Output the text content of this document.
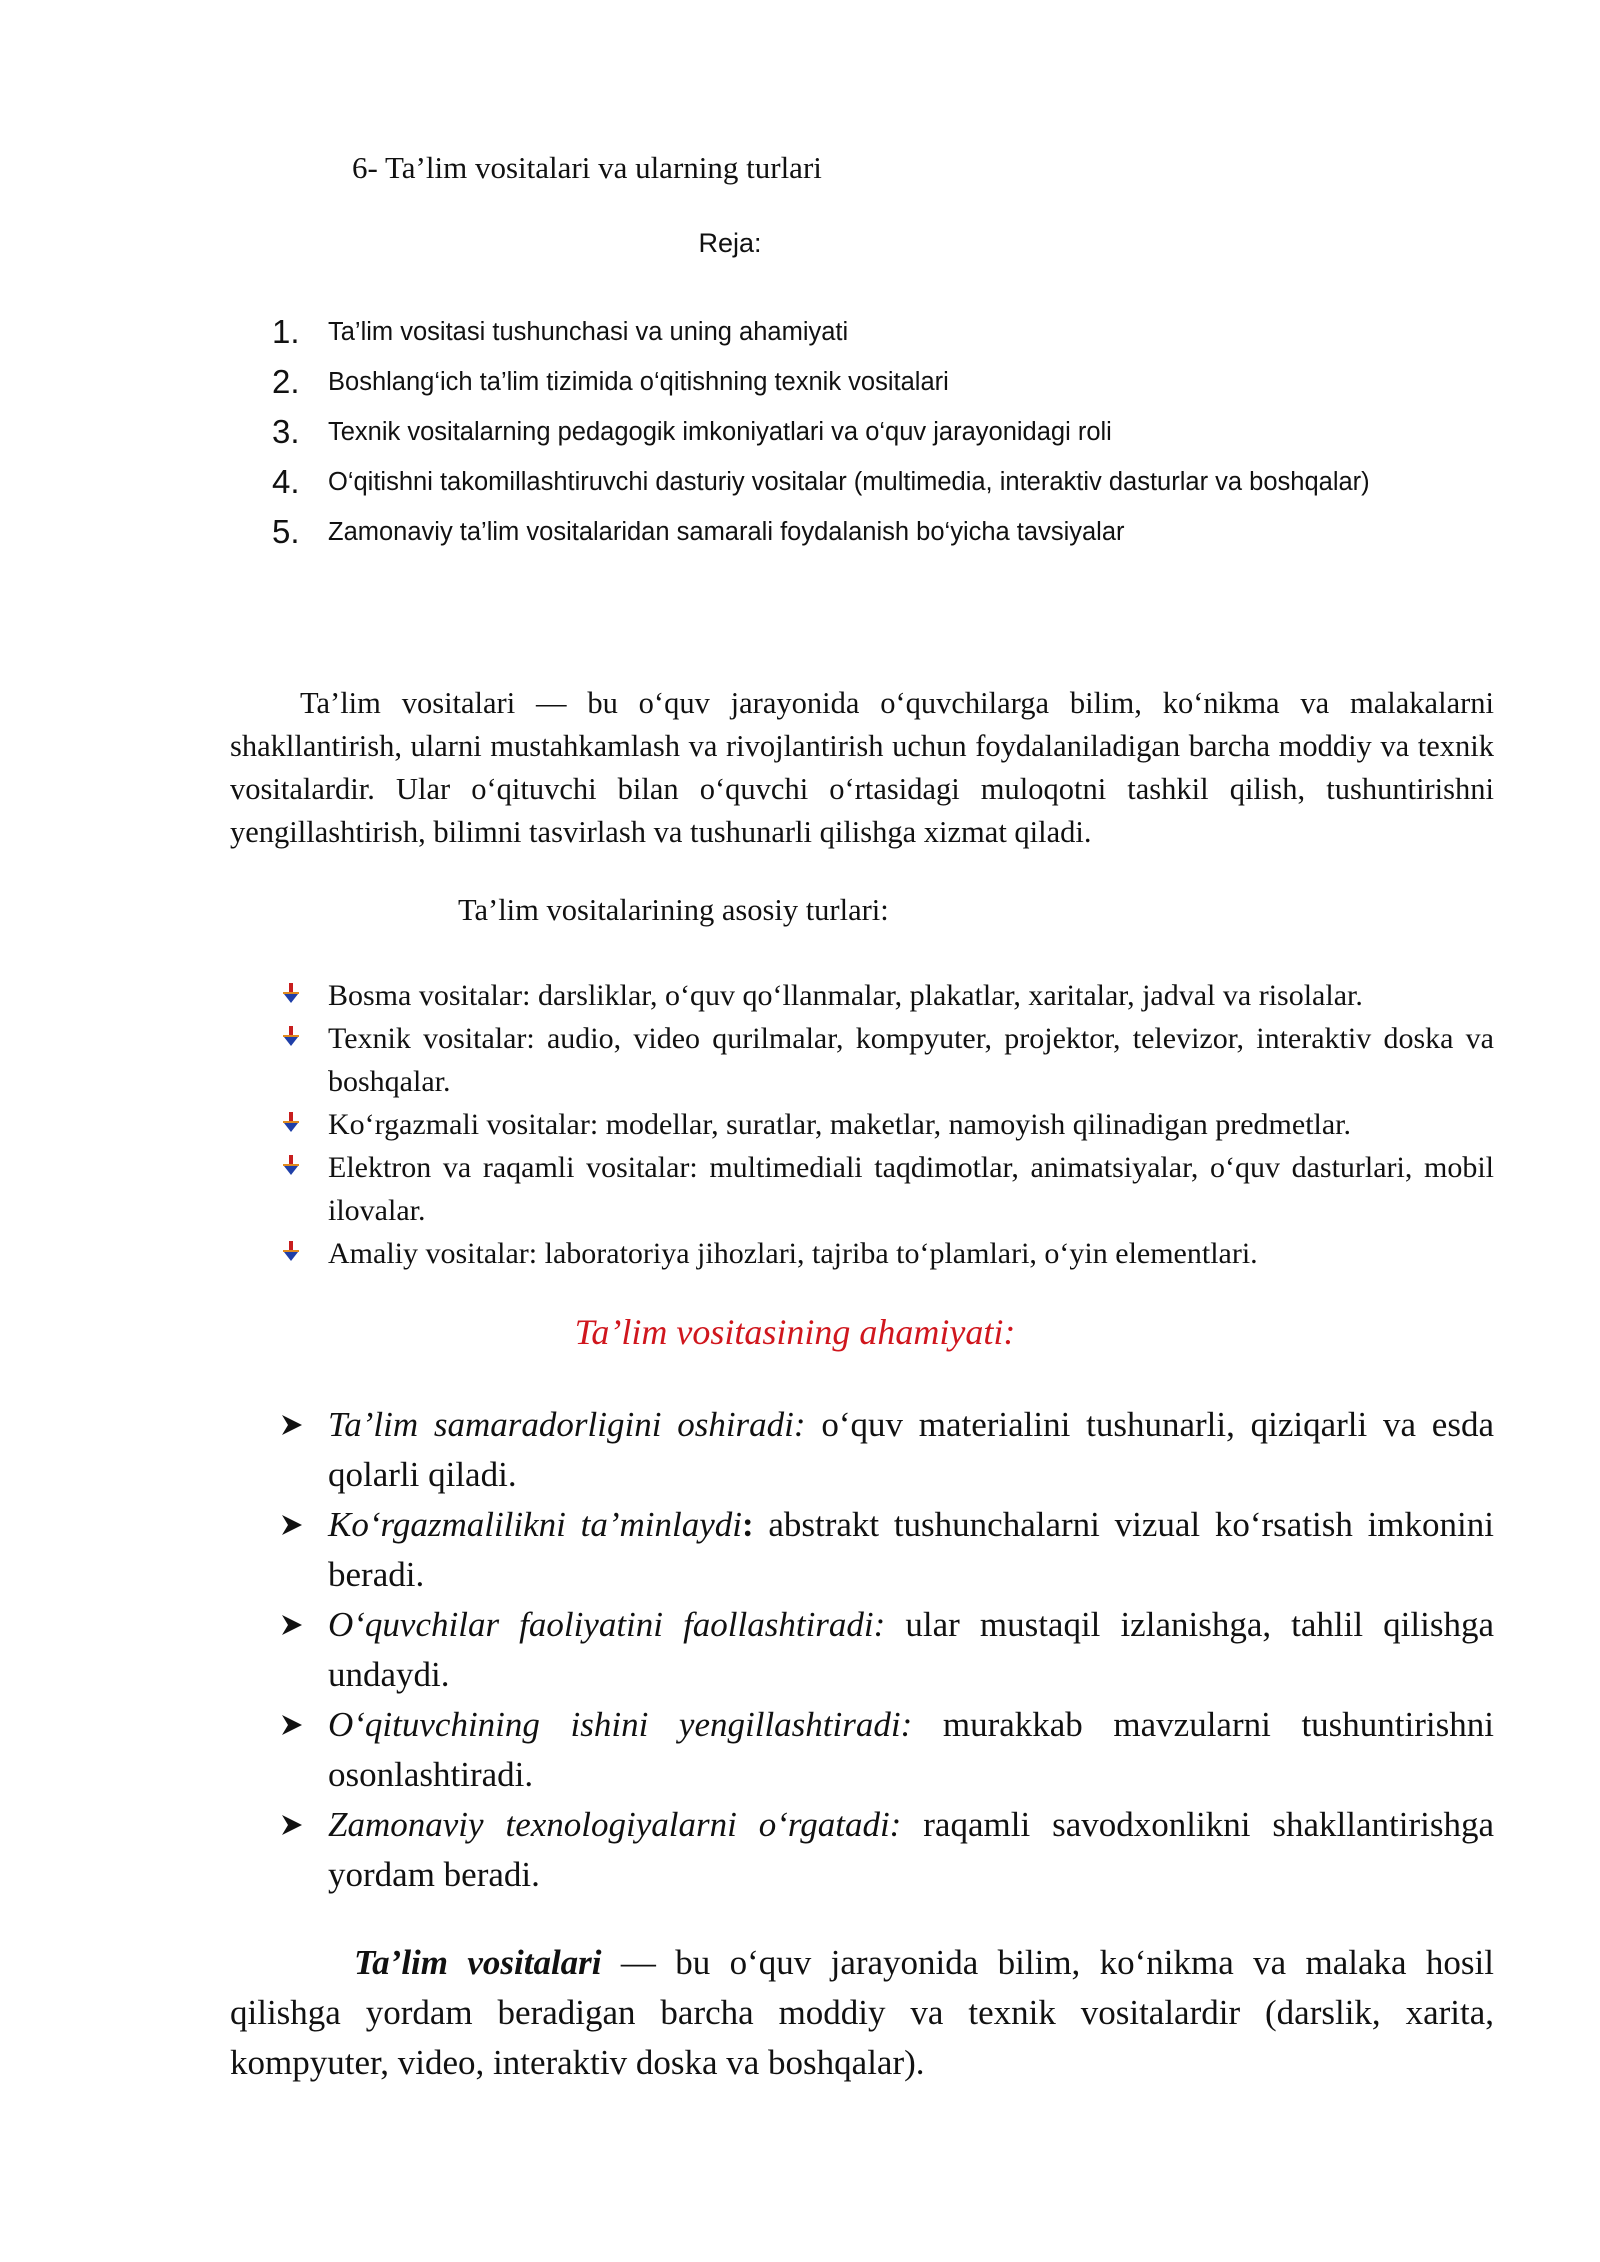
6- Ta’lim vositalari va ularning turlari
Reja:
1.	Ta’lim vositasi tushunchasi va uning ahamiyati
2.	Boshlang‘ich ta’lim tizimida o‘qitishning texnik vositalari
3.	Texnik vositalarning pedagogik imkoniyatlari va o‘quv jarayonidagi roli
4.	O‘qitishni takomillashtiruvchi dasturiy vositalar (multimedia, interaktiv dasturlar va boshqalar)
5.	Zamonaviy ta’lim vositalaridan samarali foydalanish bo‘yicha tavsiyalar

Ta’lim vositalari — bu o‘quv jarayonida o‘quvchilarga bilim, ko‘nikma va malakalarni shakllantirish, ularni mustahkamlash va rivojlantirish uchun foydalaniladigan barcha moddiy va texnik vositalardir. Ular o‘qituvchi bilan o‘quvchi o‘rtasidagi muloqotni tashkil qilish, tushuntirishni yengillashtirish, bilimni tasvirlash va tushunarli qilishga xizmat qiladi.

Ta’lim vositalarining asosiy turlari:
Bosma vositalar: darsliklar, o‘quv qo‘llanmalar, plakatlar, xaritalar, jadval va risolalar.
Texnik vositalar: audio, video qurilmalar, kompyuter, projektor, televizor, interaktiv doska va boshqalar.
Ko‘rgazmali vositalar: modellar, suratlar, maketlar, namoyish qilinadigan predmetlar.
Elektron va raqamli vositalar: multimediali taqdimotlar, animatsiyalar, o‘quv dasturlari, mobil ilovalar.
Amaliy vositalar: laboratoriya jihozlari, tajriba to‘plamlari, o‘yin elementlari.
Ta’lim vositasining ahamiyati:
Ta’lim samaradorligini oshiradi: o‘quv materialini tushunarli, qiziqarli va esda qolarli qiladi.
Ko‘rgazmalilikni ta’minlaydi: abstrakt tushunchalarni vizual ko‘rsatish imkonini beradi.
O‘quvchilar faoliyatini faollashtiradi: ular mustaqil izlanishga, tahlil qilishga undaydi.
O‘qituvchining ishini yengillashtiradi: murakkab mavzularni tushuntirishni osonlashtiradi.
Zamonaviy texnologiyalarni o‘rgatadi: raqamli savodxonlikni shakllantirishga yordam beradi.

Ta’lim vositalari — bu o‘quv jarayonida bilim, ko‘nikma va malaka hosil qilishga yordam beradigan barcha moddiy va texnik vositalardir (darslik, xarita, kompyuter, video, interaktiv doska va boshqalar).
